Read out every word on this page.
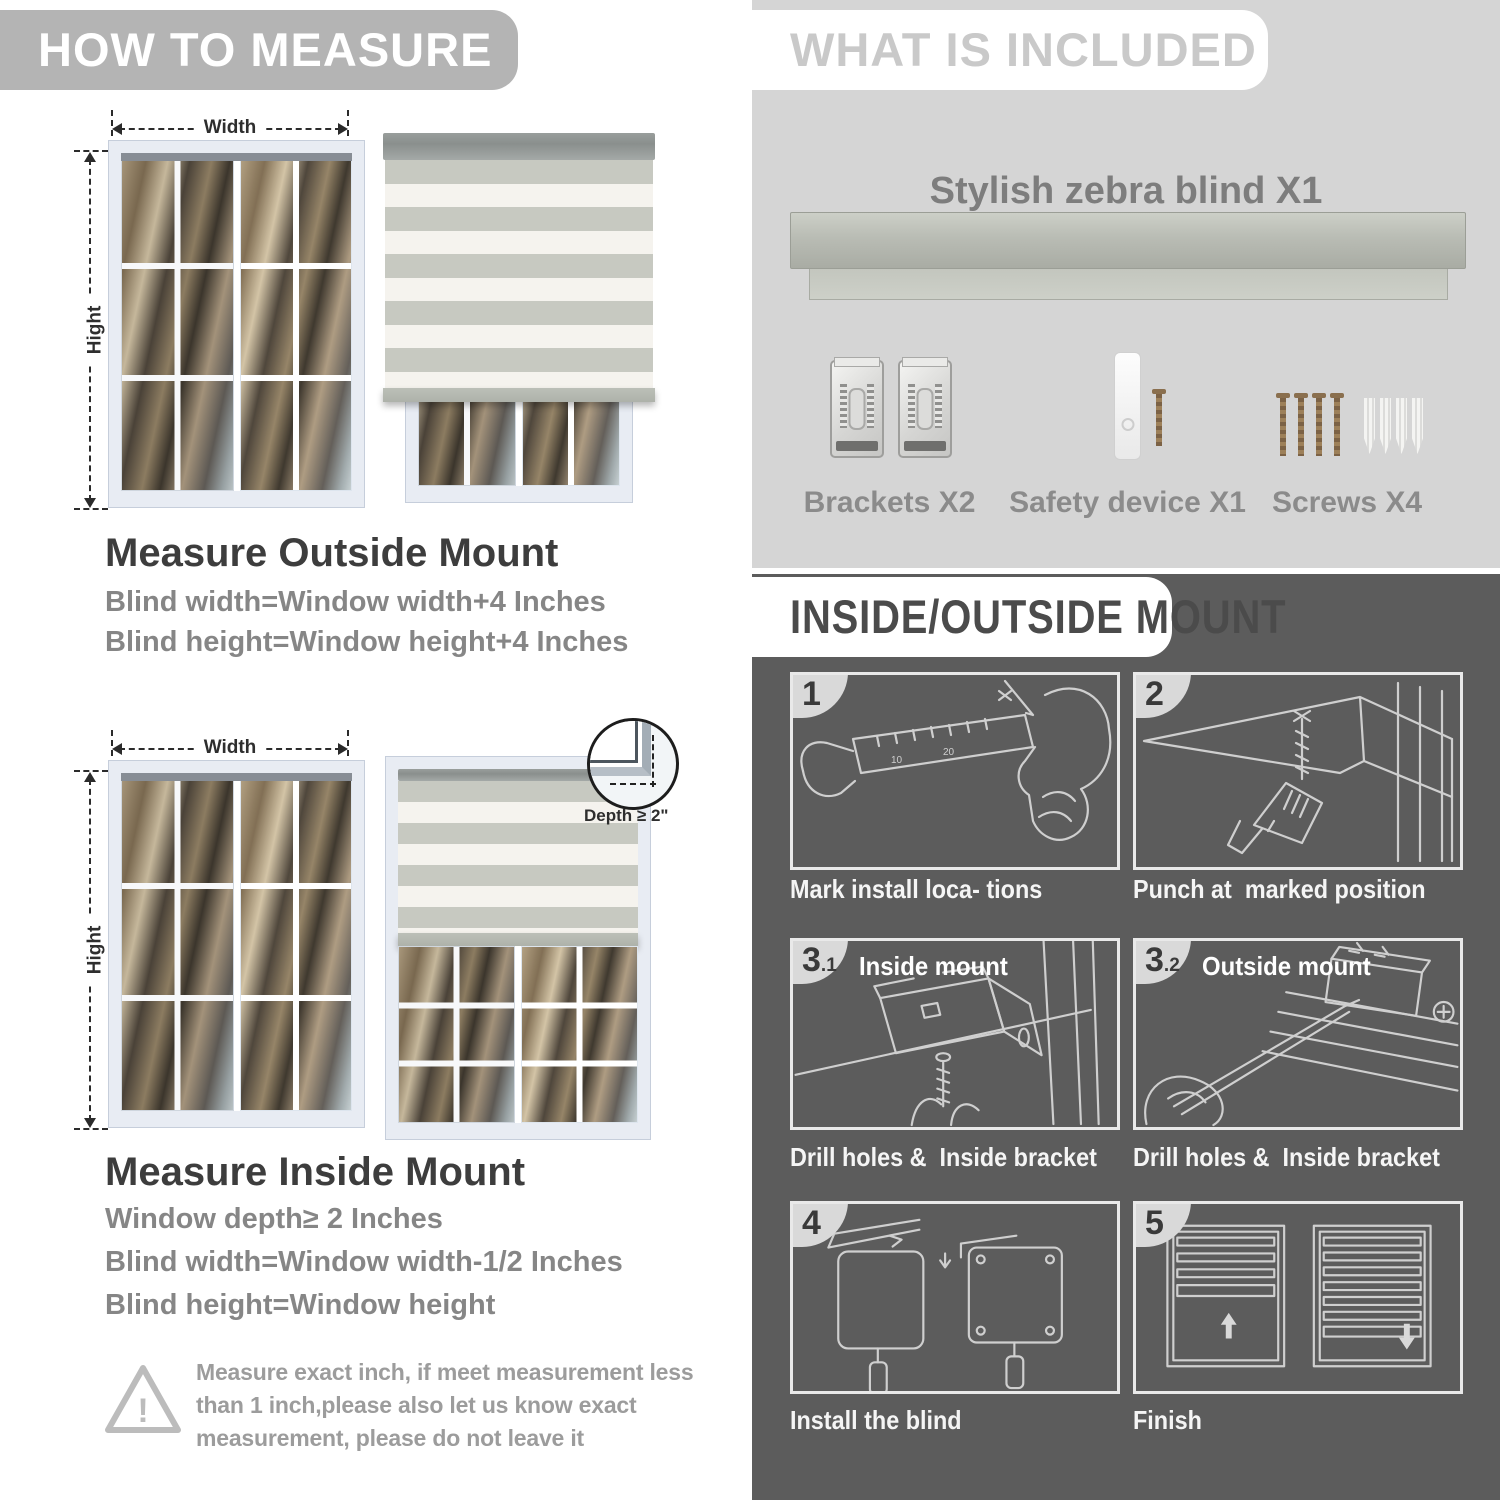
HOW TO MEASURE
Width
Hight
Measure Outside Mount
Blind width=Window width+4 Inches
Blind height=Window height+4 Inches
Width
Hight
Depth ≥ 2"
Measure Inside Mount
Window depth≥ 2 Inches
Blind width=Window width-1/2 Inches
Blind height=Window height
!
Measure exact inch, if meet measurement less
than 1 inch,please also let us know exact
measurement, please do not leave it
WHAT IS INCLUDED
Stylish zebra blind X1
Brackets X2	Safety device X1 Screws X4
INSIDE/OUTSIDE MOUNT
10
20
1
Mark install loca- tions
2
Punch at  marked position
3.1 Inside mount
Drill holes &  Inside bracket
3.2 Outside mount
Drill holes &  Inside bracket
4
Install the blind
5
Finish
